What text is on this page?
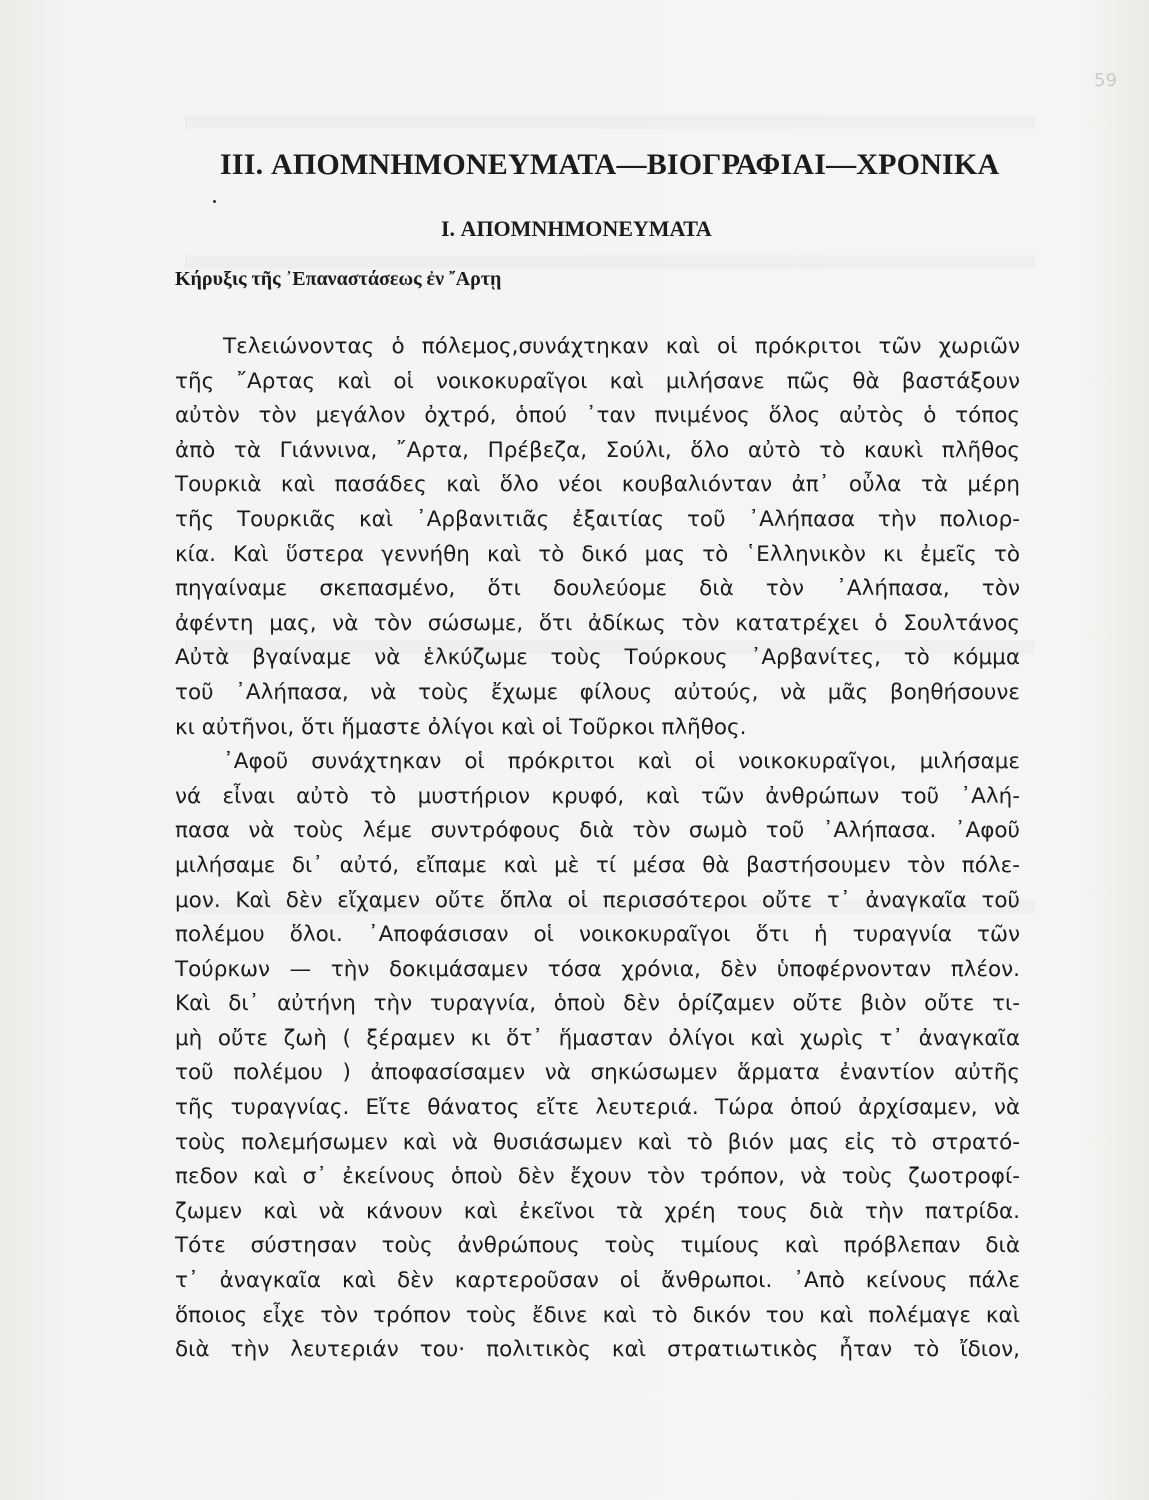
59
III. ΑΠΟΜΝΗΜΟΝΕΥΜΑΤΑ—ΒΙΟΓΡΑΦΙΑΙ—ΧΡΟΝΙΚΑ
I. ΑΠΟΜΝΗΜΟΝΕΥΜΑΤΑ
Κήρυξις τῆς ᾿Επαναστάσεως ἐν ῎Αρτῃ
Τελειώνοντας ὁ πόλεμος,συνάχτηκαν καὶ οἱ πρόκριτοι τῶν χωριῶν
τῆς ῎Αρτας καὶ οἱ νοικοκυραῖγοι καὶ μιλήσανε πῶς θὰ βαστάξουν
αὐτὸν τὸν μεγάλον ὀχτρό, ὁπού ᾿ταν πνιμένος ὅλος αὐτὸς ὁ τόπος
ἀπὸ τὰ Γιάννινα, ῎Αρτα, Πρέβεζα, Σούλι, ὅλο αὐτὸ τὸ καυκὶ πλῆθος
Τουρκιὰ καὶ πασάδες καὶ ὅλο νέοι κουβαλιόνταν ἀπ᾿ οὖλα τὰ μέρη
τῆς Τουρκιᾶς καὶ ᾿Αρβανιτιᾶς ἐξαιτίας τοῦ ᾿Αλήπασα τὴν πολιορ-
κία. Καὶ ὕστερα γεννήθη καὶ τὸ δικό μας τὸ ῾Ελληνικὸν κι ἐμεῖς τὸ
πηγαίναμε σκεπασμένο, ὅτι δουλεύομε διὰ τὸν ᾿Αλήπασα, τὸν
ἀφέντη μας, νὰ τὸν σώσωμε, ὅτι ἀδίκως τὸν κατατρέχει ὁ Σουλτάνος
Αὐτὰ βγαίναμε νὰ ἑλκύζωμε τοὺς Τούρκους ᾿Αρβανίτες, τὸ κόμμα
τοῦ ᾿Αλήπασα, νὰ τοὺς ἔχωμε φίλους αὐτούς, νὰ μᾶς βοηθήσουνε
κι αὐτῆνοι, ὅτι ἥμαστε ὀλίγοι καὶ οἱ Τοῦρκοι πλῆθος.
᾿Αφοῦ συνάχτηκαν οἱ πρόκριτοι καὶ οἱ νοικοκυραῖγοι, μιλήσαμε
νά εἶναι αὐτὸ τὸ μυστήριον κρυφό, καὶ τῶν ἀνθρώπων τοῦ ᾿Αλή-
πασα νὰ τοὺς λέμε συντρόφους διὰ τὸν σωμὸ τοῦ ᾿Αλήπασα. ᾿Αφοῦ
μιλήσαμε δι᾿ αὐτό, εἴπαμε καὶ μὲ τί μέσα θὰ βαστήσουμεν τὸν πόλε-
μον. Καὶ δὲν εἴχαμεν οὔτε ὅπλα οἱ περισσότεροι οὔτε τ᾿ ἀναγκαῖα τοῦ
πολέμου ὅλοι. ᾿Αποφάσισαν οἱ νοικοκυραῖγοι ὅτι ἡ τυραγνία τῶν
Τούρκων — τὴν δοκιμάσαμεν τόσα χρόνια, δὲν ὑποφέρνονταν πλέον.
Καὶ δι᾿ αὐτήνη τὴν τυραγνία, ὁποὺ δὲν ὁρίζαμεν οὔτε βιὸν οὔτε τι-
μὴ οὔτε ζωὴ ( ξέραμεν κι ὅτ᾿ ἥμασταν ὀλίγοι καὶ χωρὶς τ᾿ ἀναγκαῖα
τοῦ πολέμου ) ἀποφασίσαμεν νὰ σηκώσωμεν ἅρματα ἐναντίον αὐτῆς
τῆς τυραγνίας. Εἴτε θάνατος εἴτε λευτεριά. Τώρα ὁπού ἀρχίσαμεν, νὰ
τοὺς πολεμήσωμεν καὶ νὰ θυσιάσωμεν καὶ τὸ βιόν μας εἰς τὸ στρατό-
πεδον καὶ σ᾿ ἐκείνους ὁποὺ δὲν ἔχουν τὸν τρόπον, νὰ τοὺς ζωοτροφί-
ζωμεν καὶ νὰ κάνουν καὶ ἐκεῖνοι τὰ χρέη τους διὰ τὴν πατρίδα.
Τότε σύστησαν τοὺς ἀνθρώπους τοὺς τιμίους καὶ πρόβλεπαν διὰ
τ᾿ ἀναγκαῖα καὶ δὲν καρτεροῦσαν οἱ ἄνθρωποι. ᾿Απὸ κείνους πάλε
ὅποιος εἶχε τὸν τρόπον τοὺς ἔδινε καὶ τὸ δικόν του καὶ πολέμαγε καὶ
διὰ τὴν λευτεριάν του· πολιτικὸς καὶ στρατιωτικὸς ἦταν τὸ ἴδιον,
